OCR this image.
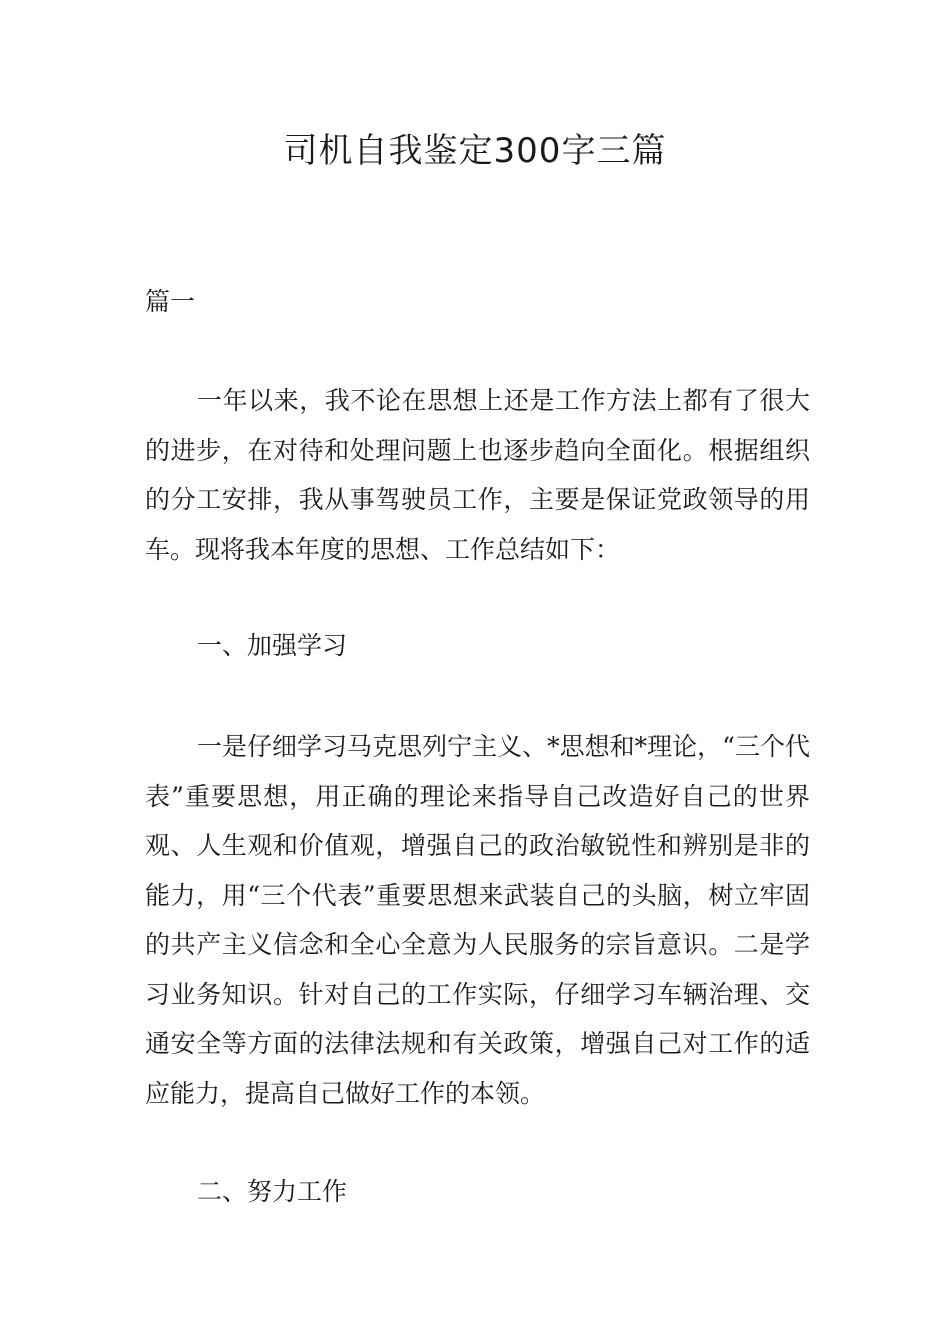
司机自我鉴定300字三篇

篇一

一年以来，我不论在思想上还是工作方法上都有了很大的进步，在对待和处理问题上也逐步趋向全面化。根据组织的分工安排，我从事驾驶员工作，主要是保证党政领导的用车。现将我本年度的思想、工作总结如下：

一、加强学习

一是仔细学习马克思列宁主义、*思想和*理论，“三个代表”重要思想，用正确的理论来指导自己改造好自己的世界观、人生观和价值观，增强自己的政治敏锐性和辨别是非的能力，用“三个代表”重要思想来武装自己的头脑，树立牢固的共产主义信念和全心全意为人民服务的宗旨意识。二是学习业务知识。针对自己的工作实际，仔细学习车辆治理、交通安全等方面的法律法规和有关政策，增强自己对工作的适应能力，提高自己做好工作的本领。

二、努力工作
